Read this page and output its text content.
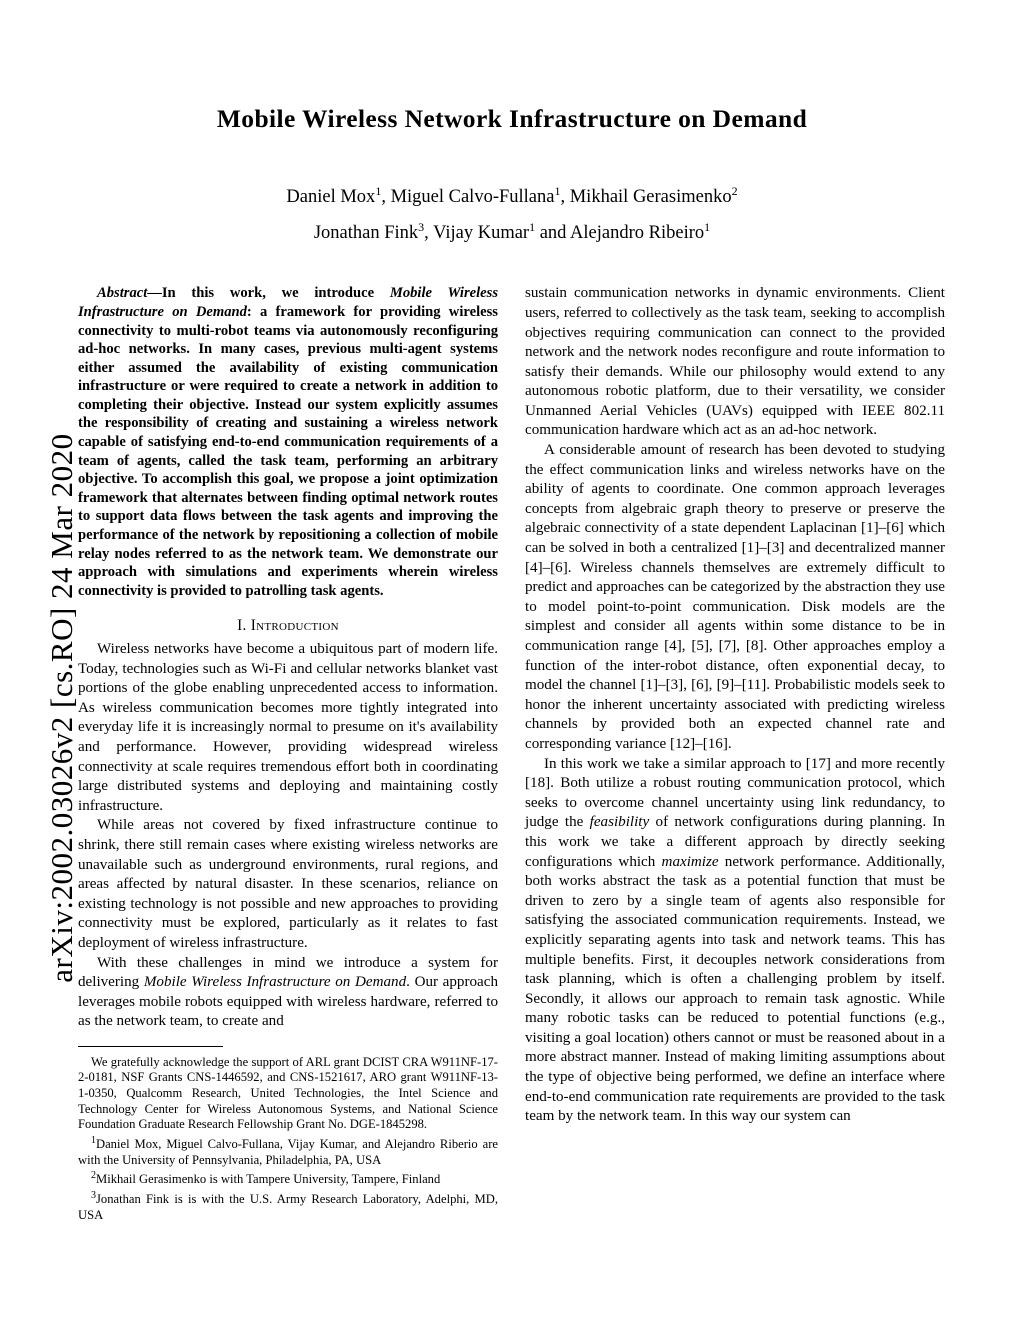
arXiv:2002.03026v2 [cs.RO] 24 Mar 2020
Mobile Wireless Network Infrastructure on Demand
Daniel Mox$^1$, Miguel Calvo-Fullana$^1$, Mikhail Gerasimenko$^2$
Jonathan Fink$^3$, Vijay Kumar$^1$ and Alejandro Ribeiro$^1$
Abstract—In this work, we introduce Mobile Wireless Infrastructure on Demand: a framework for providing wireless connectivity to multi-robot teams via autonomously reconfiguring ad-hoc networks. In many cases, previous multi-agent systems either assumed the availability of existing communication infrastructure or were required to create a network in addition to completing their objective. Instead our system explicitly assumes the responsibility of creating and sustaining a wireless network capable of satisfying end-to-end communication requirements of a team of agents, called the task team, performing an arbitrary objective. To accomplish this goal, we propose a joint optimization framework that alternates between finding optimal network routes to support data flows between the task agents and improving the performance of the network by repositioning a collection of mobile relay nodes referred to as the network team. We demonstrate our approach with simulations and experiments wherein wireless connectivity is provided to patrolling task agents.
I. Introduction

Wireless networks have become a ubiquitous part of modern life. Today, technologies such as Wi-Fi and cellular networks blanket vast portions of the globe enabling unprecedented access to information. As wireless communication becomes more tightly integrated into everyday life it is increasingly normal to presume on it's availability and performance. However, providing widespread wireless connectivity at scale requires tremendous effort both in coordinating large distributed systems and deploying and maintaining costly infrastructure.

While areas not covered by fixed infrastructure continue to shrink, there still remain cases where existing wireless networks are unavailable such as underground environments, rural regions, and areas affected by natural disaster. In these scenarios, reliance on existing technology is not possible and new approaches to providing connectivity must be explored, particularly as it relates to fast deployment of wireless infrastructure.

With these challenges in mind we introduce a system for delivering Mobile Wireless Infrastructure on Demand. Our approach leverages mobile robots equipped with wireless hardware, referred to as the network team, to create and

We gratefully acknowledge the support of ARL grant DCIST CRA W911NF-17-2-0181, NSF Grants CNS-1446592, and CNS-1521617, ARO grant W911NF-13-1-0350, Qualcomm Research, United Technologies, the Intel Science and Technology Center for Wireless Autonomous Systems, and National Science Foundation Graduate Research Fellowship Grant No. DGE-1845298.

$^1$Daniel Mox, Miguel Calvo-Fullana, Vijay Kumar, and Alejandro Riberio are with the University of Pennsylvania, Philadelphia, PA, USA

$^2$Mikhail Gerasimenko is with Tampere University, Tampere, Finland

$^3$Jonathan Fink is is with the U.S. Army Research Laboratory, Adelphi, MD, USA

sustain communication networks in dynamic environments. Client users, referred to collectively as the task team, seeking to accomplish objectives requiring communication can connect to the provided network and the network nodes reconfigure and route information to satisfy their demands. While our philosophy would extend to any autonomous robotic platform, due to their versatility, we consider Unmanned Aerial Vehicles (UAVs) equipped with IEEE 802.11 communication hardware which act as an ad-hoc network.

A considerable amount of research has been devoted to studying the effect communication links and wireless networks have on the ability of agents to coordinate. One common approach leverages concepts from algebraic graph theory to preserve or preserve the algebraic connectivity of a state dependent Laplacinan [1]–[6] which can be solved in both a centralized [1]–[3] and decentralized manner [4]–[6]. Wireless channels themselves are extremely difficult to predict and approaches can be categorized by the abstraction they use to model point-to-point communication. Disk models are the simplest and consider all agents within some distance to be in communication range [4], [5], [7], [8]. Other approaches employ a function of the inter-robot distance, often exponential decay, to model the channel [1]–[3], [6], [9]–[11]. Probabilistic models seek to honor the inherent uncertainty associated with predicting wireless channels by provided both an expected channel rate and corresponding variance [12]–[16].

In this work we take a similar approach to [17] and more recently [18]. Both utilize a robust routing communication protocol, which seeks to overcome channel uncertainty using link redundancy, to judge the feasibility of network configurations during planning. In this work we take a different approach by directly seeking configurations which maximize network performance. Additionally, both works abstract the task as a potential function that must be driven to zero by a single team of agents also responsible for satisfying the associated communication requirements. Instead, we explicitly separating agents into task and network teams. This has multiple benefits. First, it decouples network considerations from task planning, which is often a challenging problem by itself. Secondly, it allows our approach to remain task agnostic. While many robotic tasks can be reduced to potential functions (e.g., visiting a goal location) others cannot or must be reasoned about in a more abstract manner. Instead of making limiting assumptions about the type of objective being performed, we define an interface where end-to-end communication rate requirements are provided to the task team by the network team. In this way our system can
